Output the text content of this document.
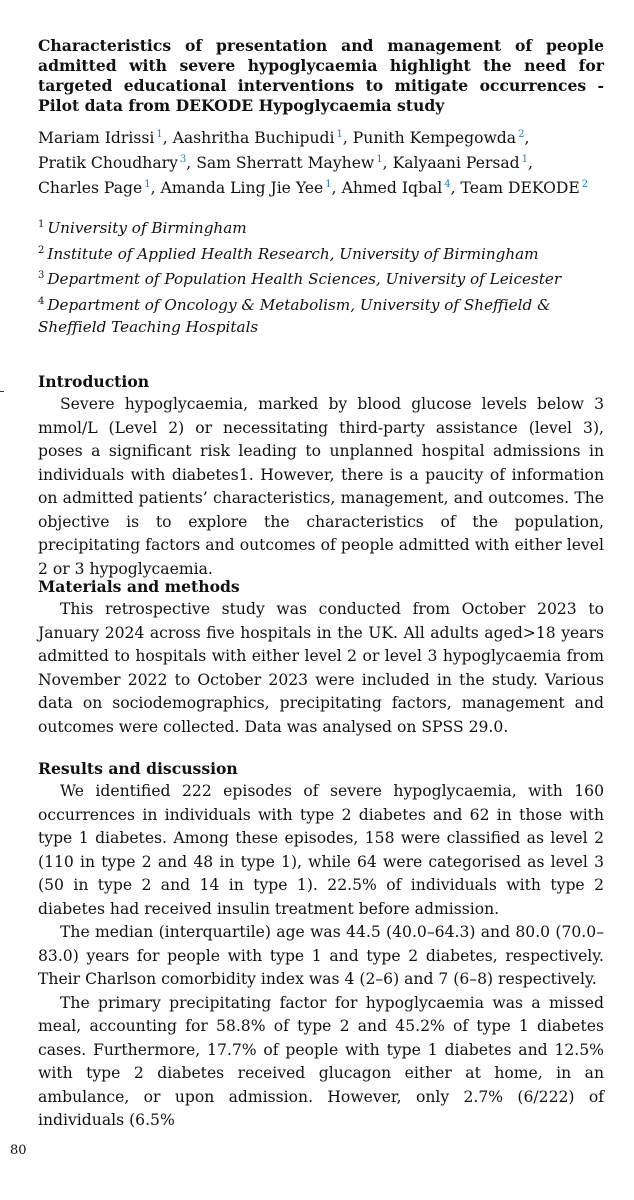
Characteristics of presentation and management of people admitted with severe hypoglycaemia highlight the need for targeted educational interventions to mitigate occurrences - Pilot data from DEKODE Hypoglycaemia study

Mariam Idrissi $^1$, Aashritha Buchipudi $^1$, Punith Kempegowda $^2$,
Pratik Choudhary $^3$, Sam Sherratt Mayhew $^1$, Kalyaani Persad $^1$,
Charles Page $^1$, Amanda Ling Jie Yee $^1$, Ahmed Iqbal $^4$, Team DEKODE $^2$

$^1$ University of Birmingham

$^2$ Institute of Applied Health Research, University of Birmingham

$^3$ Department of Population Health Sciences, University of Leicester

$^4$ Department of Oncology & Metabolism, University of Sheffield & Sheffield Teaching Hospitals

Introduction

Severe hypoglycaemia, marked by blood glucose levels below 3 mmol/L (Level 2) or necessitating third-party assistance (level 3), poses a significant risk leading to unplanned hospital admissions in individuals with diabetes1. However, there is a paucity of information on admitted patients’ characteristics, management, and outcomes. The objective is to explore the characteristics of the population, precipitating factors and outcomes of people admitted with either level 2 or 3 hypoglycaemia.

Materials and methods

This retrospective study was conducted from October 2023 to January 2024 across five hospitals in the UK. All adults aged>18 years admitted to hospitals with either level 2 or level 3 hypoglycaemia from November 2022 to October 2023 were included in the study. Various data on sociodemographics, precipitating factors, management and outcomes were collected. Data was analysed on SPSS 29.0.

Results and discussion

We identified 222 episodes of severe hypoglycaemia, with 160 occurrences in individuals with type 2 diabetes and 62 in those with type 1 diabetes. Among these episodes, 158 were classified as level 2 (110 in type 2 and 48 in type 1), while 64 were categorised as level 3 (50 in type 2 and 14 in type 1). 22.5% of individuals with type 2 diabetes had received insulin treatment before admission.

The median (interquartile) age was 44.5 (40.0–64.3) and 80.0 (70.0–83.0) years for people with type 1 and type 2 diabetes, respectively. Their Charlson comorbidity index was 4 (2–6) and 7 (6–8) respectively.

The primary precipitating factor for hypoglycaemia was a missed meal, accounting for 58.8% of type 2 and 45.2% of type 1 diabetes cases. Furthermore, 17.7% of people with type 1 diabetes and 12.5% with type 2 diabetes received glucagon either at home, in an ambulance, or upon admission. However, only 2.7% (6/222) of individuals (6.5%

80
